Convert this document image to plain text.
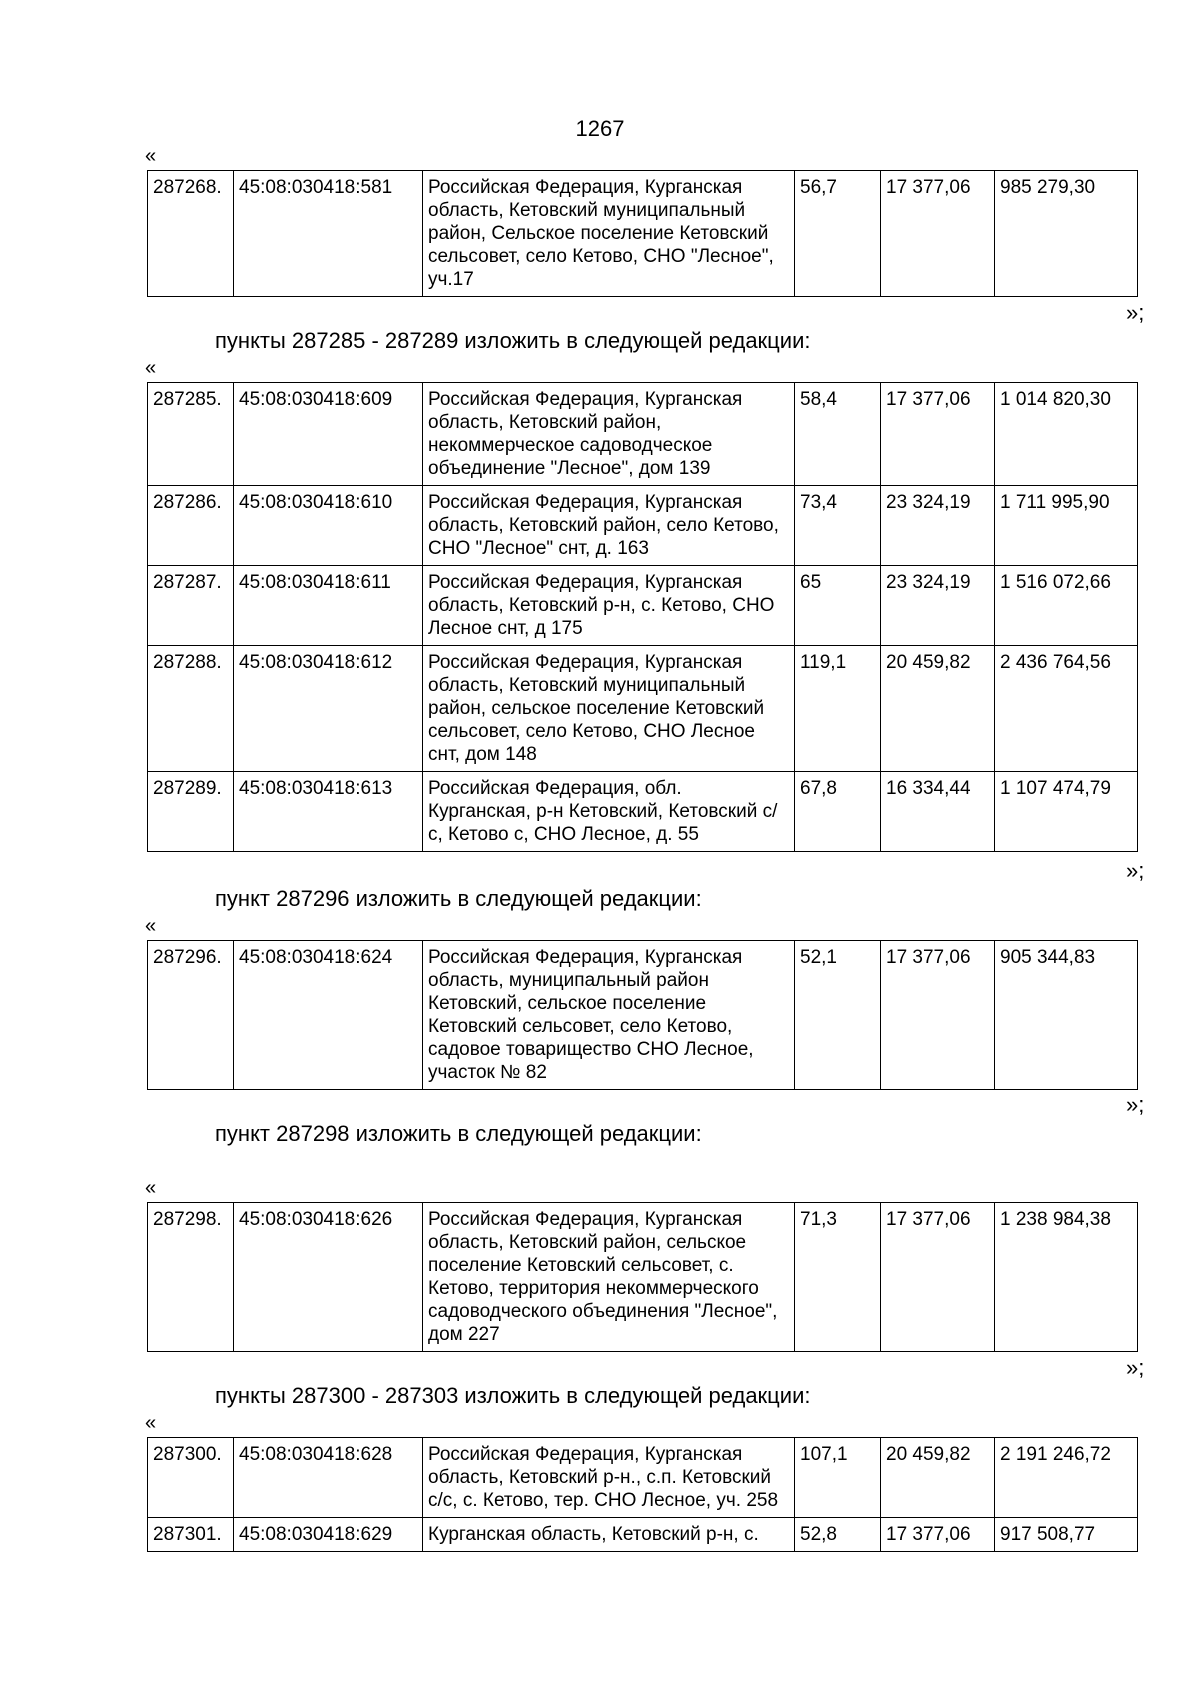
1267
«
287268.	45:08:030418:581	Российская Федерация, Курганская область, Кетовский муниципальный район, Сельское поселение Кетовский сельсовет, село Кетово, СНО "Лесное", уч.17	56,7	17 377,06	985 279,30
»;
пункты 287285 - 287289 изложить в следующей редакции:
«
287285.	45:08:030418:609	Российская Федерация, Курганская область, Кетовский район, некоммерческое садоводческое объединение "Лесное", дом 139	58,4	17 377,06	1 014 820,30
287286.	45:08:030418:610	Российская Федерация, Курганская область, Кетовский район, село Кетово, СНО "Лесное" снт, д. 163	73,4	23 324,19	1 711 995,90
287287.	45:08:030418:611	Российская Федерация, Курганская область, Кетовский р-н, с. Кетово, СНО Лесное снт, д 175	65	23 324,19	1 516 072,66
287288.	45:08:030418:612	Российская Федерация, Курганская область, Кетовский муниципальный район, сельское поселение Кетовский сельсовет, село Кетово, СНО Лесное снт, дом 148	119,1	20 459,82	2 436 764,56
287289.	45:08:030418:613	Российская Федерация, обл. Курганская, р-н Кетовский, Кетовский с/с, Кетово с, СНО Лесное, д. 55	67,8	16 334,44	1 107 474,79
»;
пункт 287296 изложить в следующей редакции:
«
287296.	45:08:030418:624	Российская Федерация, Курганская область, муниципальный район Кетовский, сельское поселение Кетовский сельсовет, село Кетово, садовое товарищество СНО Лесное, участок № 82	52,1	17 377,06	905 344,83
»;
пункт 287298 изложить в следующей редакции:
«
287298.	45:08:030418:626	Российская Федерация, Курганская область, Кетовский район, сельское поселение Кетовский сельсовет, с. Кетово, территория некоммерческого садоводческого объединения "Лесное", дом 227	71,3	17 377,06	1 238 984,38
»;
пункты 287300 - 287303 изложить в следующей редакции:
«
287300.	45:08:030418:628	Российская Федерация, Курганская область, Кетовский р-н., с.п. Кетовский с/с, с. Кетово, тер. СНО Лесное, уч. 258	107,1	20 459,82	2 191 246,72
287301.	45:08:030418:629	Курганская область, Кетовский р-н, с.	52,8	17 377,06	917 508,77
